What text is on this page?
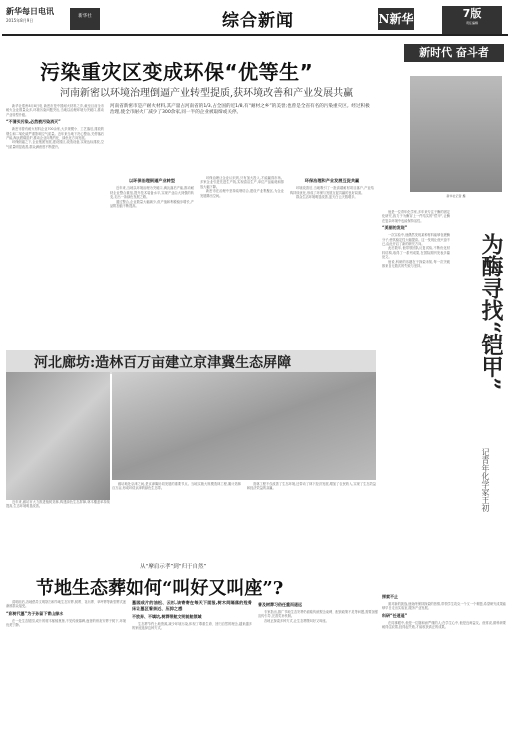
新华每日电讯
2015年8月9日
新华社	综合新闻	N新华	7版
责任编辑
污染重灾区变成环保“优等生”
河南新密以环境治理倒逼产业转型提质,获环境改善和产业发展共赢

新华社郑州8月8日电 新密市是中国耐火材料之乡,截至目前全市耐火企业数量众多,环境污染问题突出,当地以治理环境为突破口,推动产业转型升级。

“不清买污染,必然被污染消灭”

新密市曾有耐火材料企业700余家,大多规模小、工艺落后,排放的烟尘和二氧化硫严重影响空气质量。近年来当地下决心整治,关停落后产能,淘汰燃煤窑炉,推动企业向集约化、绿色化方向发展。

环保倒逼之下,企业抱团发展,建设园区,改造设备,实现达标排放,空气质量明显改善,群众满意度不断提升。

河南省新密市是产耐火材料,其产量占河南省的1/3,占全国的近1/8,有“耐材之乡”的美誉;也曾是全省有名的污染重灾区。经过积极治理,使全市耐火厂减少了300余家,同一半的企业被取缔或关停。
以环保治理倒逼产业转型

近年来,当地以环境治理为突破口,淘汰落后产能,推动耐材企业整合重组,提升技术装备水平,实现产业由大到强的转变,走出一条绿色发展之路。

通过整合,企业数量大幅减少,但产值和利税稳步增长,产品附加值不断提高。

环保治理让企业认识到,只有加大投入,才能赢得市场。多家企业引进先进生产线,实现清洁生产,单位产品能耗和排放大幅下降。

新密市在治理中坚持疏堵结合,建设产业集聚区,为企业发展腾出空间。

环保治理和产业发展互促共赢

环境改善后,当地吸引了一批高端耐材项目落户,产业结构持续优化,形成了环保与发展互促共赢的良好局面。

群众生活环境明显改善,蓝天白云天数增多。

新时代 奋斗者
新华社记者 摄

他是一位青年化学家,多年来专注于酶的固定化研究,致力于为酶穿上一件结实的“铠甲”,让酶在复杂环境中也能保持活性。

“美丽的发现”

一次实验中,他偶然发现某种材料能够包裹酶分子,使其稳定性大幅提高。这一发现让他兴奋不已,由此开启了新的研究方向。

此后数年,他带领团队反复试验,不断优化材料结构,取得了一系列成果,在国际期刊发表多篇论文。

他说,科研的乐趣在于探索未知,每一次突破都来自无数次的失败与坚持。	为酶寻找“铠甲”
记青年化学家王初
探索不止

面对新的挑战,他始终保持探索的热情,带领学生攻克一个又一个难题,希望研究成果能够早日走出实验室,服务产业发展。

科研“任逍遥”

在同事眼中,他是一位随和而严谨的人;在学生心中,他是良师益友。他常说,做科研要耐得住寂寞,经得起失败,才能收获真正的成果。

河北廊坊:造林百万亩建立京津冀生态屏障

近年来,廊坊市大力推进植树造林,构建绿色生态屏障,林木覆盖率持续提高,生态环境明显改善。

廊坊地处京津之间,是京津冀协同发展的重要节点。当地实施大规模造林工程,累计造林百万亩,形成环绕京津的绿色生态带。

造林工程不仅改善了生态环境,还带动了林下经济发展,增加了农民收入,实现了生态效益和经济效益的双赢。

从“摩肩示孝”到“归于自然”
节地生态葬如何“叫好又叫座”?

清明前后,各地倡导文明祭扫和节地生态安葬,树葬、花坛葬、草坪葬等新型葬式逐渐被群众接受。

“彩树代墓”为子孙留下青山绿水

在一处生态陵园,成片的树木郁郁葱葱,不见传统墓碑,逝者的骨灰安葬于树下,环境优美宁静。

墓园成片的油松、云杉,该寄寄在每天下面报,树木间隔落的殓骨床让墓区看亲近、压抑之感
不放弃、不填坑,树葬带航文明前航领域

生态葬节约土地资源,减少环境污染,体现了尊重生命、回归自然的理念,越来越多的家庭选择这种方式。

普及树葬习俗任重而道远

专家指出,推广节地生态安葬仍面临传统观念束缚、配套政策不足等问题,需要加强宣传引导,完善奖补机制。

各地正探索多种方式,让生态葬既叫好又叫座。
